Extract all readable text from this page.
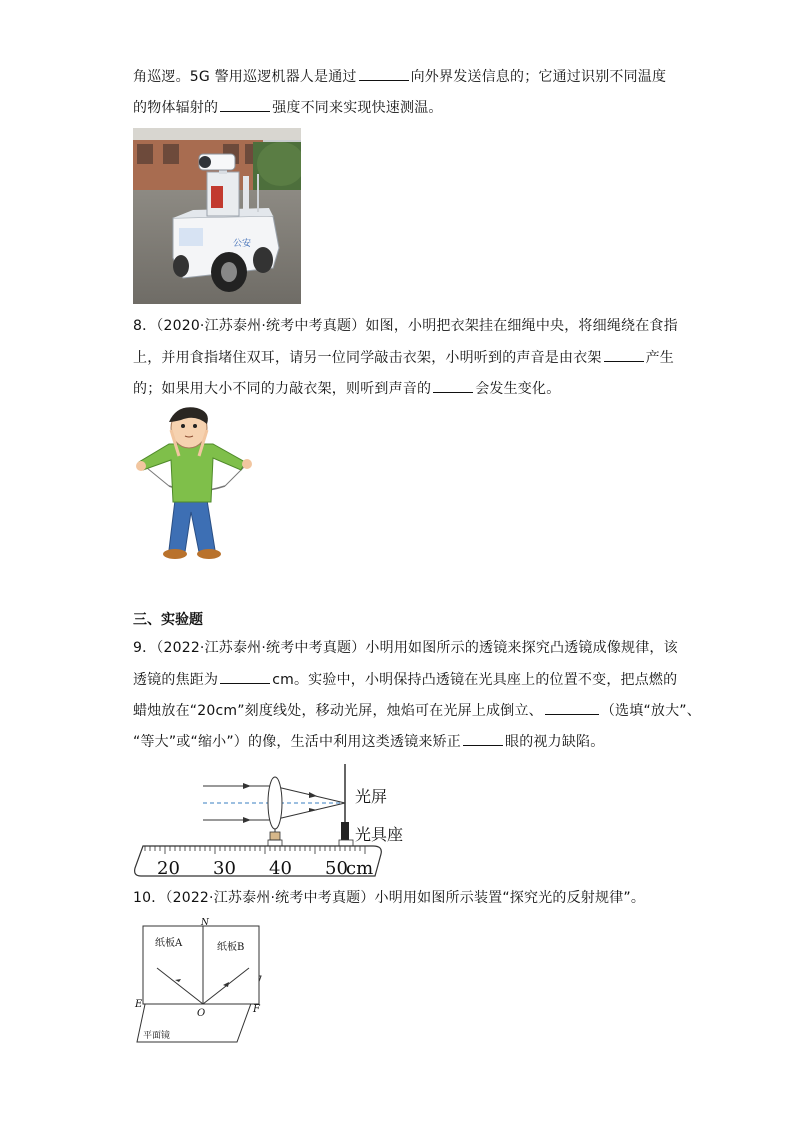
角巡逻。5G 警用巡逻机器人是通过	向外界发送信息的；它通过识别不同温度
的物体辐射的	强度不同来实现快速测温。
公安
8．（2020·江苏泰州·统考中考真题）如图，小明把衣架挂在细绳中央，将细绳绕在食指
上，并用食指堵住双耳，请另一位同学敲击衣架，小明听到的声音是由衣架	产生
的；如果用大小不同的力敲衣架，则听到声音的	会发生变化。
三、实验题
9．（2022·江苏泰州·统考中考真题）小明用如图所示的透镜来探究凸透镜成像规律，该
透镜的焦距为	cm。实验中，小明保持凸透镜在光具座上的位置不变，把点燃的
蜡烛放在“20cm”刻度线处，移动光屏，烛焰可在光屏上成倒立、	（选填“放大”、
“等大”或“缩小”）的像，生活中利用这类透镜来矫正	眼的视力缺陷。
光屏
光具座
20 30 40 50
cm
10．（2022·江苏泰州·统考中考真题）小明用如图所示装置“探究光的反射规律”。
N
纸板A	纸板B
E
O	F
平面镜
